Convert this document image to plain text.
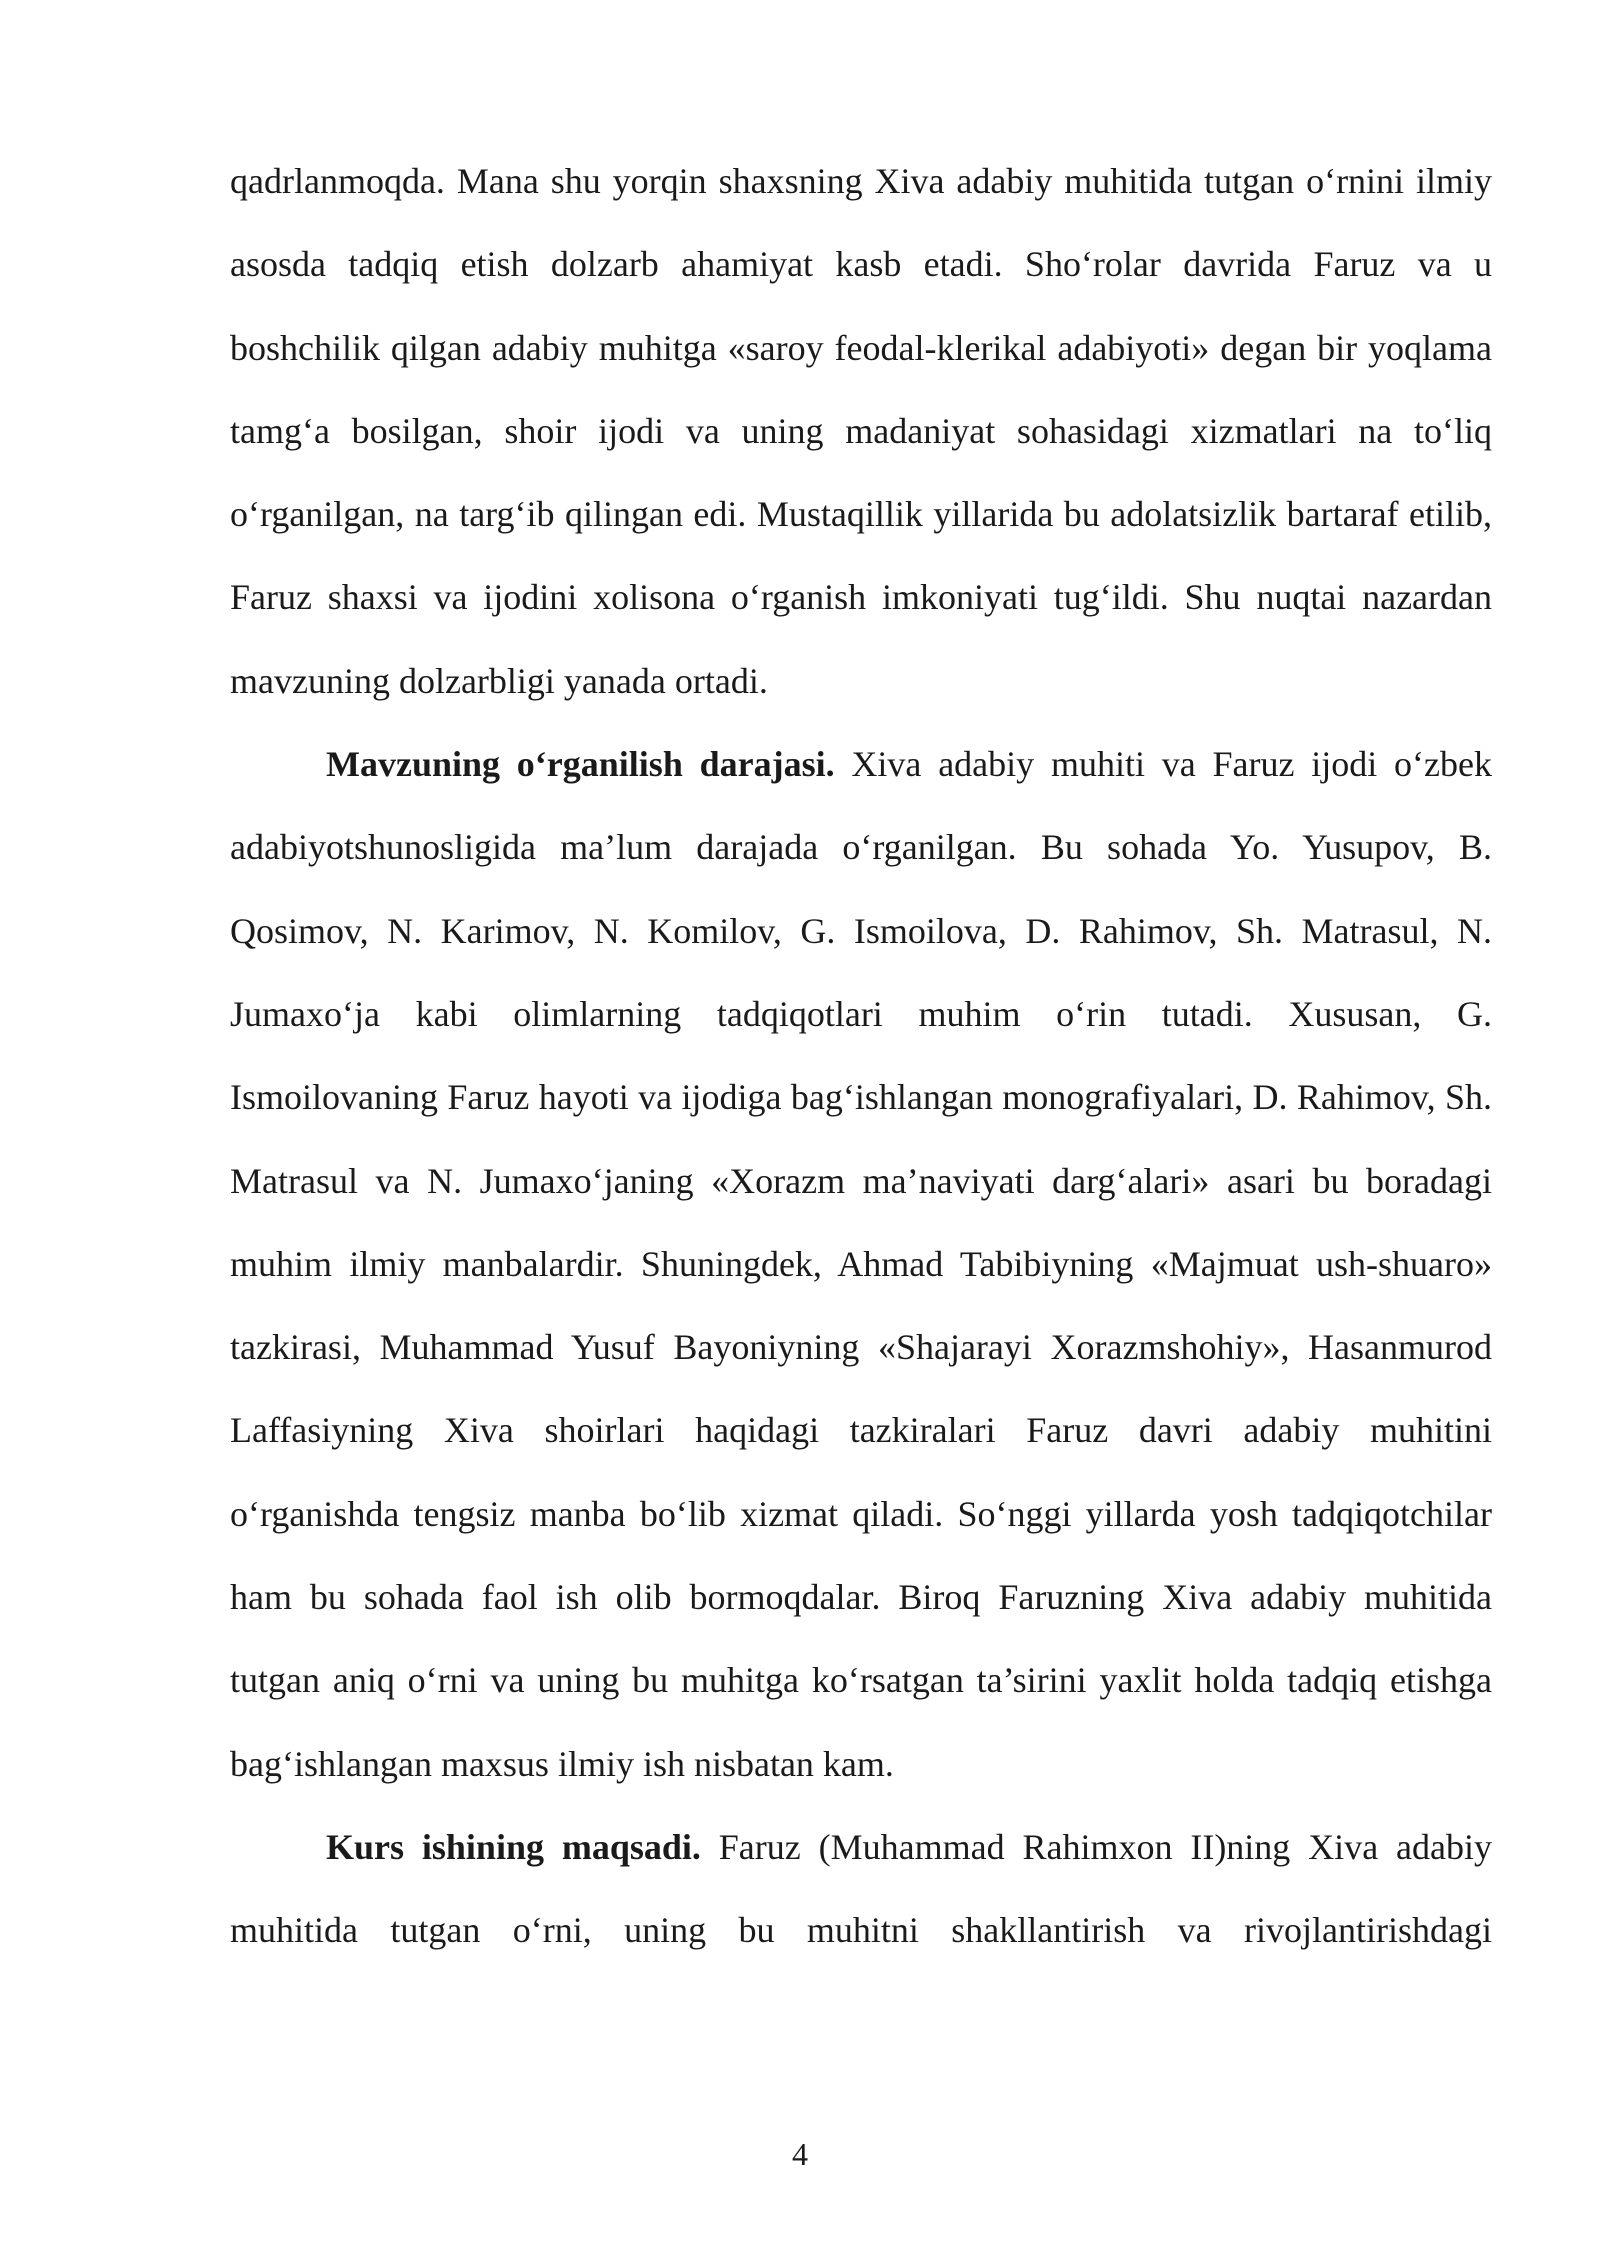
qadrlanmoqda. Mana shu yorqin shaxsning Xiva adabiy muhitida tutgan o‘rnini ilmiy asosda tadqiq etish dolzarb ahamiyat kasb etadi. Sho‘rolar davrida Faruz va u boshchilik qilgan adabiy muhitga «saroy feodal-klerikal adabiyoti» degan bir yoqlama tamg‘a bosilgan, shoir ijodi va uning madaniyat sohasidagi xizmatlari na to‘liq o‘rganilgan, na targ‘ib qilingan edi. Mustaqillik yillarida bu adolatsizlik bartaraf etilib, Faruz shaxsi va ijodini xolisona o‘rganish imkoniyati tug‘ildi. Shu nuqtai nazardan mavzuning dolzarbligi yanada ortadi.

Mavzuning o‘rganilish darajasi. Xiva adabiy muhiti va Faruz ijodi o‘zbek adabiyotshunosligida ma’lum darajada o‘rganilgan. Bu sohada Yo. Yusupov, B. Qosimov, N. Karimov, N. Komilov, G. Ismoilova, D. Rahimov, Sh. Matrasul, N. Jumaxo‘ja kabi olimlarning tadqiqotlari muhim o‘rin tutadi. Xususan, G. Ismoilovaning Faruz hayoti va ijodiga bag‘ishlangan monografiyalari, D. Rahimov, Sh. Matrasul va N. Jumaxo‘janing «Xorazm ma’naviyati darg‘alari» asari bu boradagi muhim ilmiy manbalardir. Shuningdek, Ahmad Tabibiyning «Majmuat ush-shuaro» tazkirasi, Muhammad Yusuf Bayoniyning «Shajarayi Xorazmshohiy», Hasanmurod Laffasiyning Xiva shoirlari haqidagi tazkiralari Faruz davri adabiy muhitini o‘rganishda tengsiz manba bo‘lib xizmat qiladi. So‘nggi yillarda yosh tadqiqotchilar ham bu sohada faol ish olib bormoqdalar. Biroq Faruzning Xiva adabiy muhitida tutgan aniq o‘rni va uning bu muhitga ko‘rsatgan ta’sirini yaxlit holda tadqiq etishga bag‘ishlangan maxsus ilmiy ish nisbatan kam.

Kurs ishining maqsadi. Faruz (Muhammad Rahimxon II)ning Xiva adabiy muhitida tutgan o‘rni, uning bu muhitni shakllantirish va rivojlantirishdagi

4
